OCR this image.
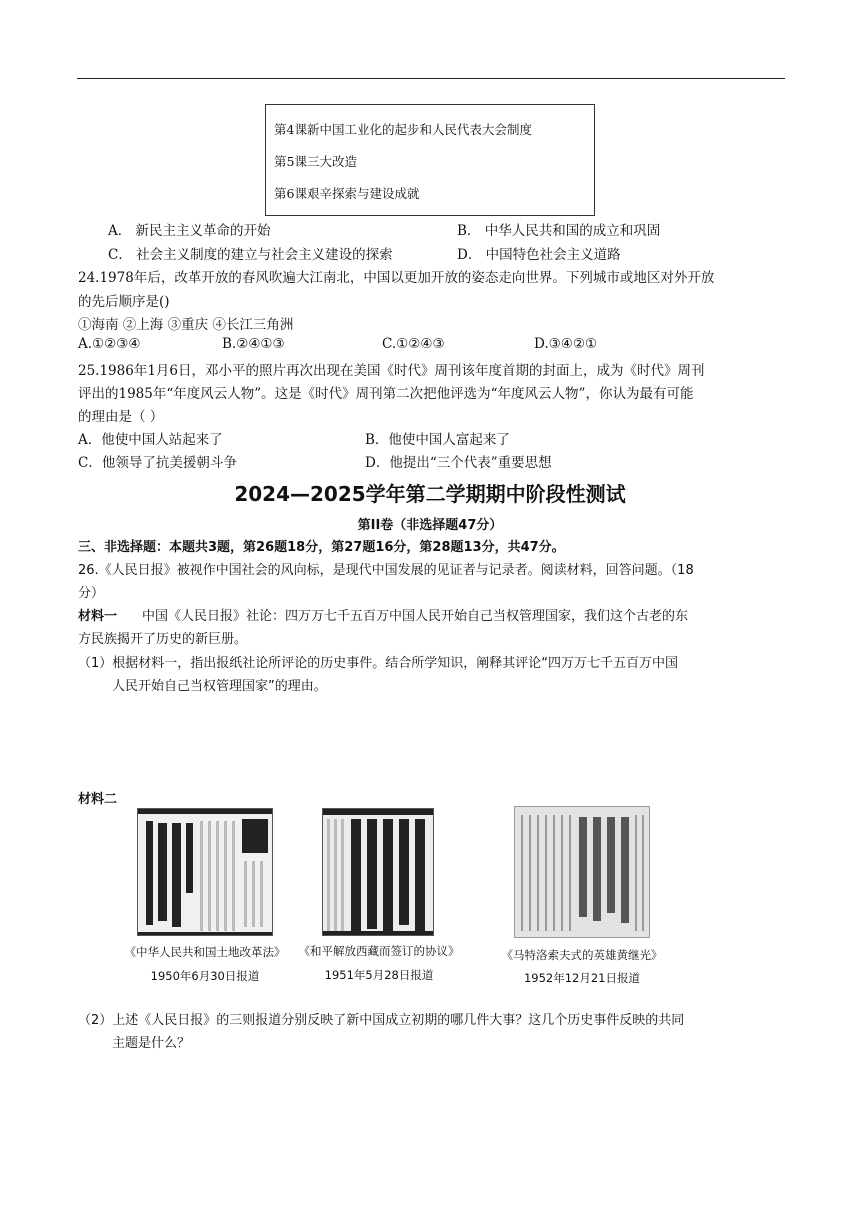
第4课新中国工业化的起步和人民代表大会制度
第5课三大改造
第6课艰辛探索与建设成就
A． 新民主主义革命的开始	B． 中华人民共和国的成立和巩固
C． 社会主义制度的建立与社会主义建设的探索	D． 中国特色社会主义道路
24.1978年后，改革开放的春风吹遍大江南北，中国以更加开放的姿态走向世界。下列城市或地区对外开放
的先后顺序是()
①海南 ②上海 ③重庆 ④长江三角洲
A.①②③④	B.②④①③	C.①②④③	D.③④②①
25.1986年1月6日，邓小平的照片再次出现在美国《时代》周刊该年度首期的封面上，成为《时代》周刊
评出的1985年“年度风云人物”。这是《时代》周刊第二次把他评选为“年度风云人物”，你认为最有可能
的理由是（ ）
A．他使中国人站起来了	B．他使中国人富起来了
C．他领导了抗美援朝斗争	D．他提出“三个代表”重要思想
2024—2025学年第二学期期中阶段性测试
第II卷（非选择题47分）
三、非选择题：本题共3题，第26题18分，第27题16分，第28题13分，共47分。
26.《人民日报》被视作中国社会的风向标，是现代中国发展的见证者与记录者。阅读材料，回答问题。（18
分）
材料一 中国《人民日报》社论：四万万七千五百万中国人民开始自己当权管理国家，我们这个古老的东
方民族揭开了历史的新巨册。
（1）根据材料一，指出报纸社论所评论的历史事件。结合所学知识，阐释其评论“四万万七千五百万中国
人民开始自己当权管理国家”的理由。
材料二
《中华人民共和国土地改革法》
1950年6月30日报道
《和平解放西藏而签订的协议》
1951年5月28日报道
《马特洛索夫式的英雄黄继光》
1952年12月21日报道
（2）上述《人民日报》的三则报道分别反映了新中国成立初期的哪几件大事？这几个历史事件反映的共同
主题是什么？
